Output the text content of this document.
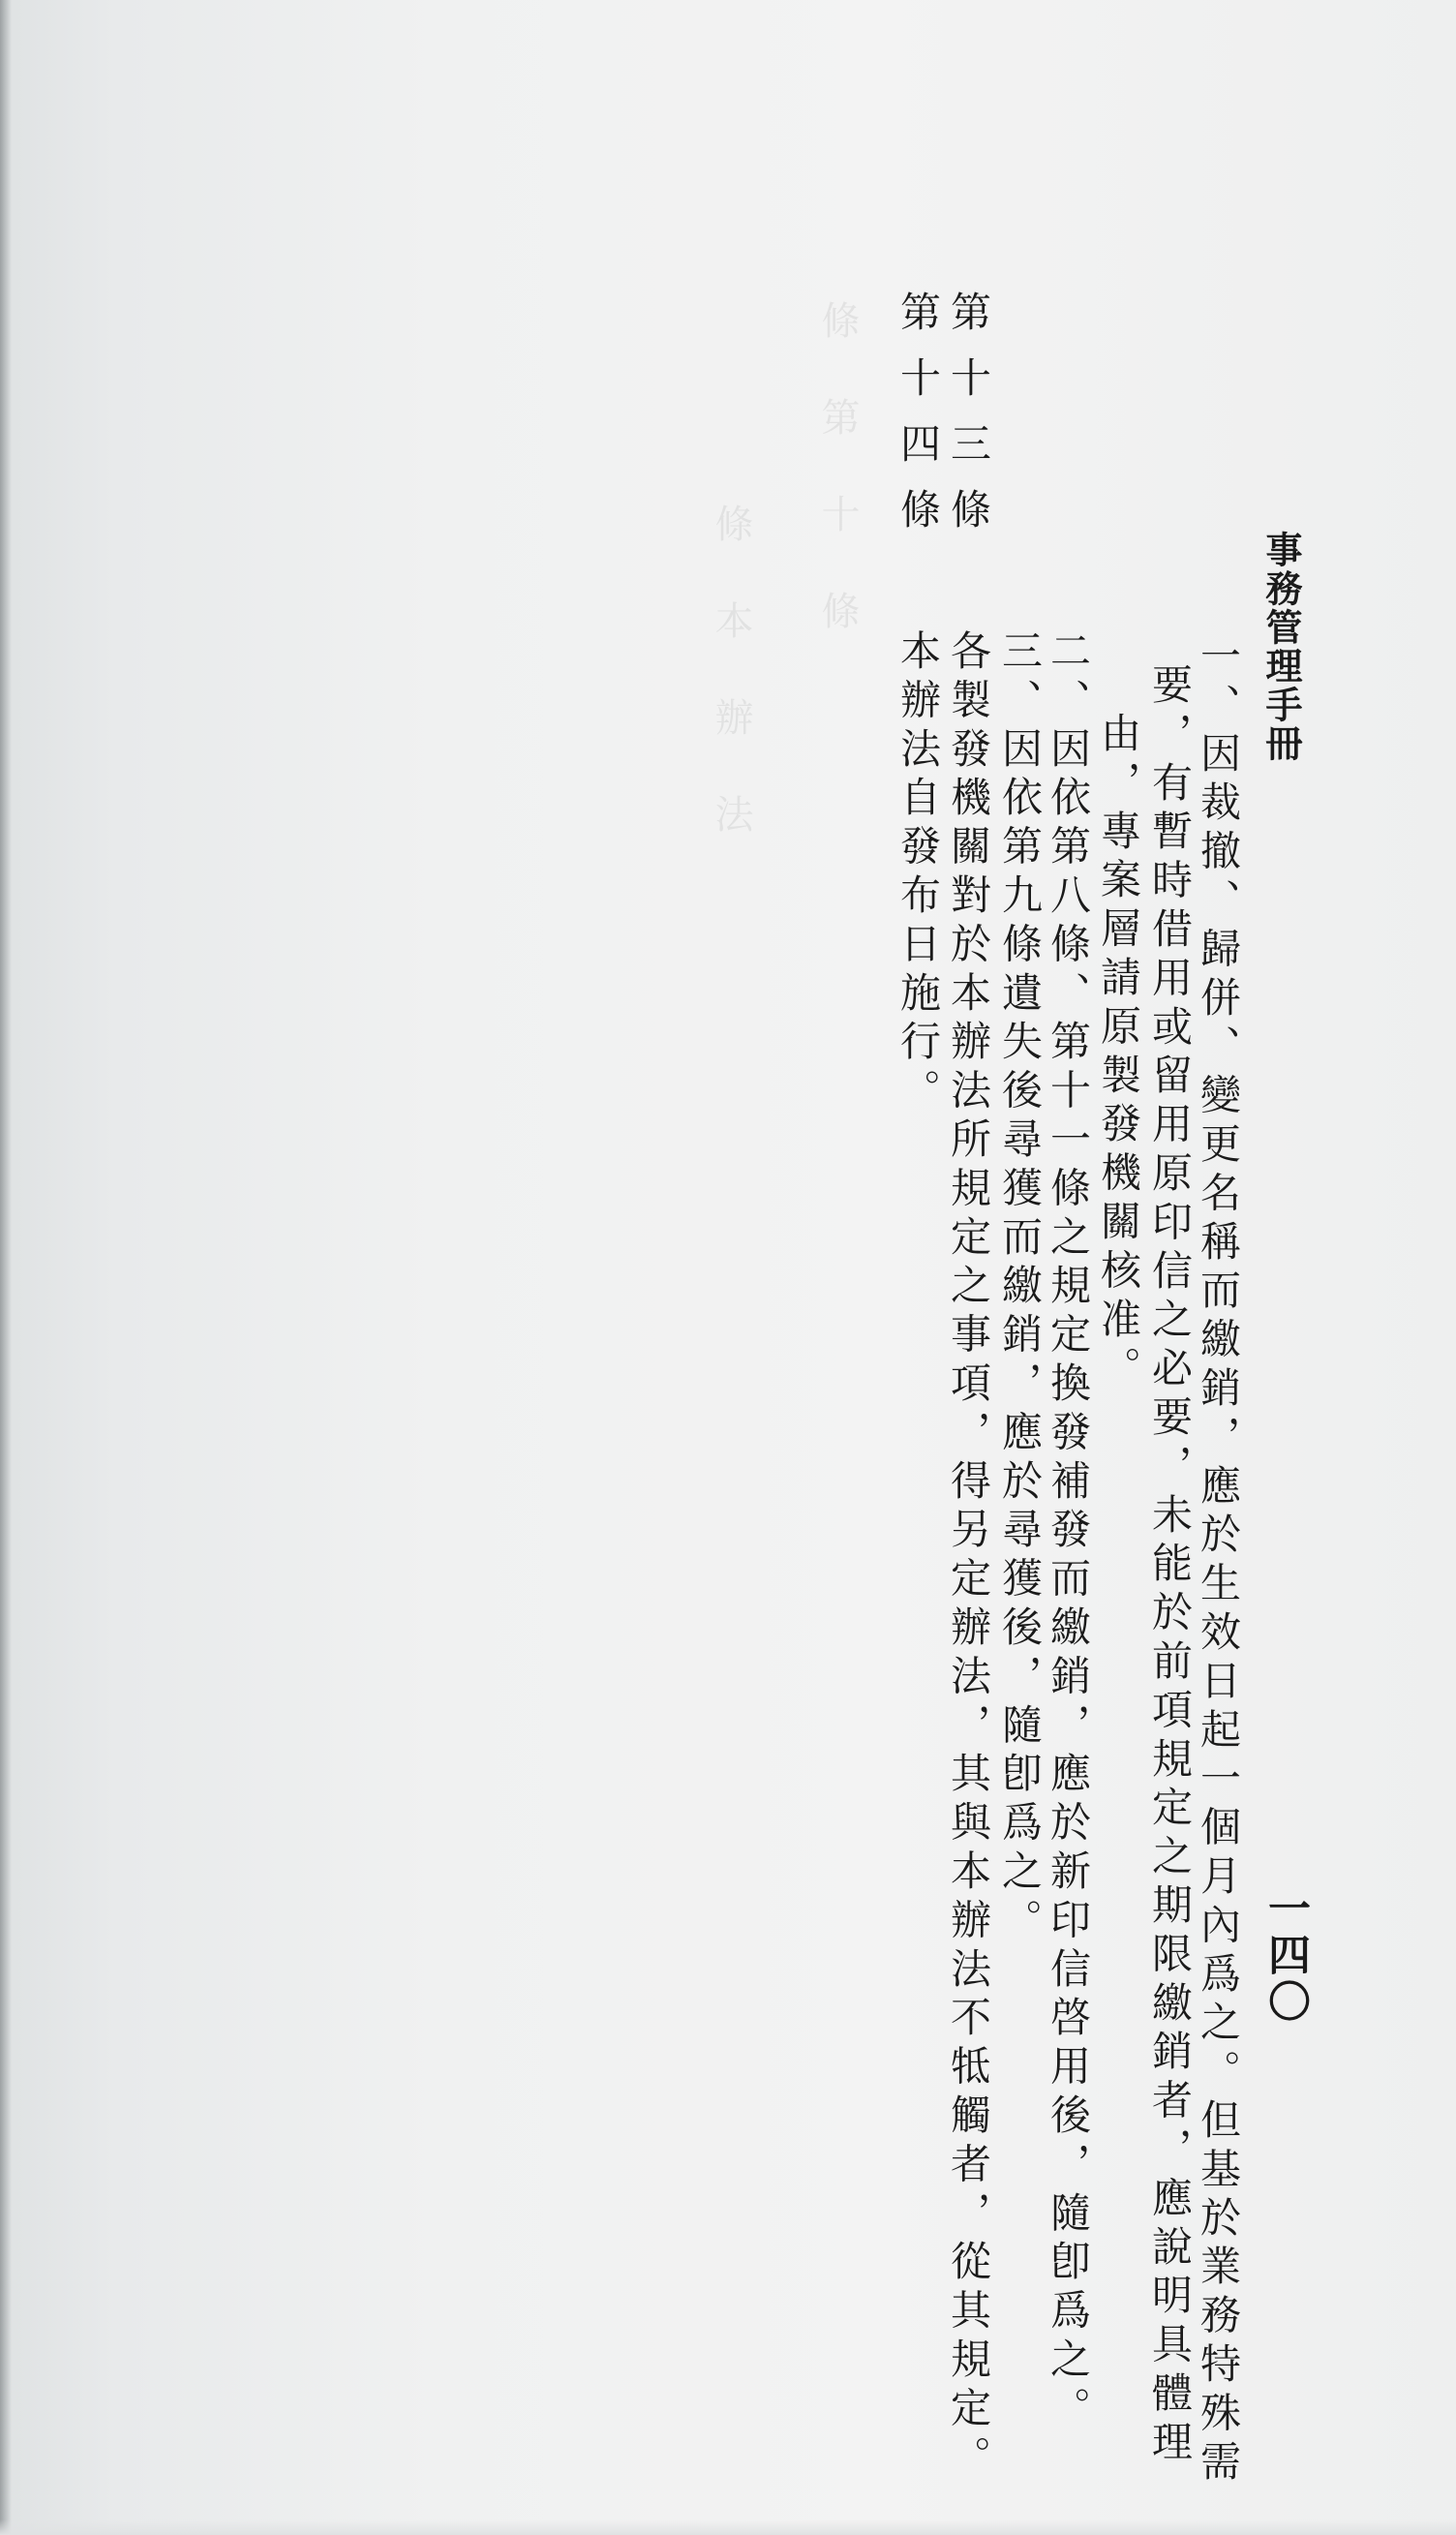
條　第　十　條
條　本　辦　法	事務管理手冊
一四〇
一、因裁撤、歸併、變更名稱而繳銷，應於生效日起一個月內爲之。但基於業務特殊需
要，有暫時借用或留用原印信之必要，未能於前項規定之期限繳銷者，應說明具體理
由，專案層請原製發機關核准。
二、因依第八條、第十一條之規定換發補發而繳銷，應於新印信啓用後，隨卽爲之。
三、因依第九條遺失後尋獲而繳銷，應於尋獲後，隨卽爲之。
第十三條
各製發機關對於本辦法所規定之事項，得另定辦法，其與本辦法不牴觸者，從其規定。
第十四條
本辦法自發布日施行。
